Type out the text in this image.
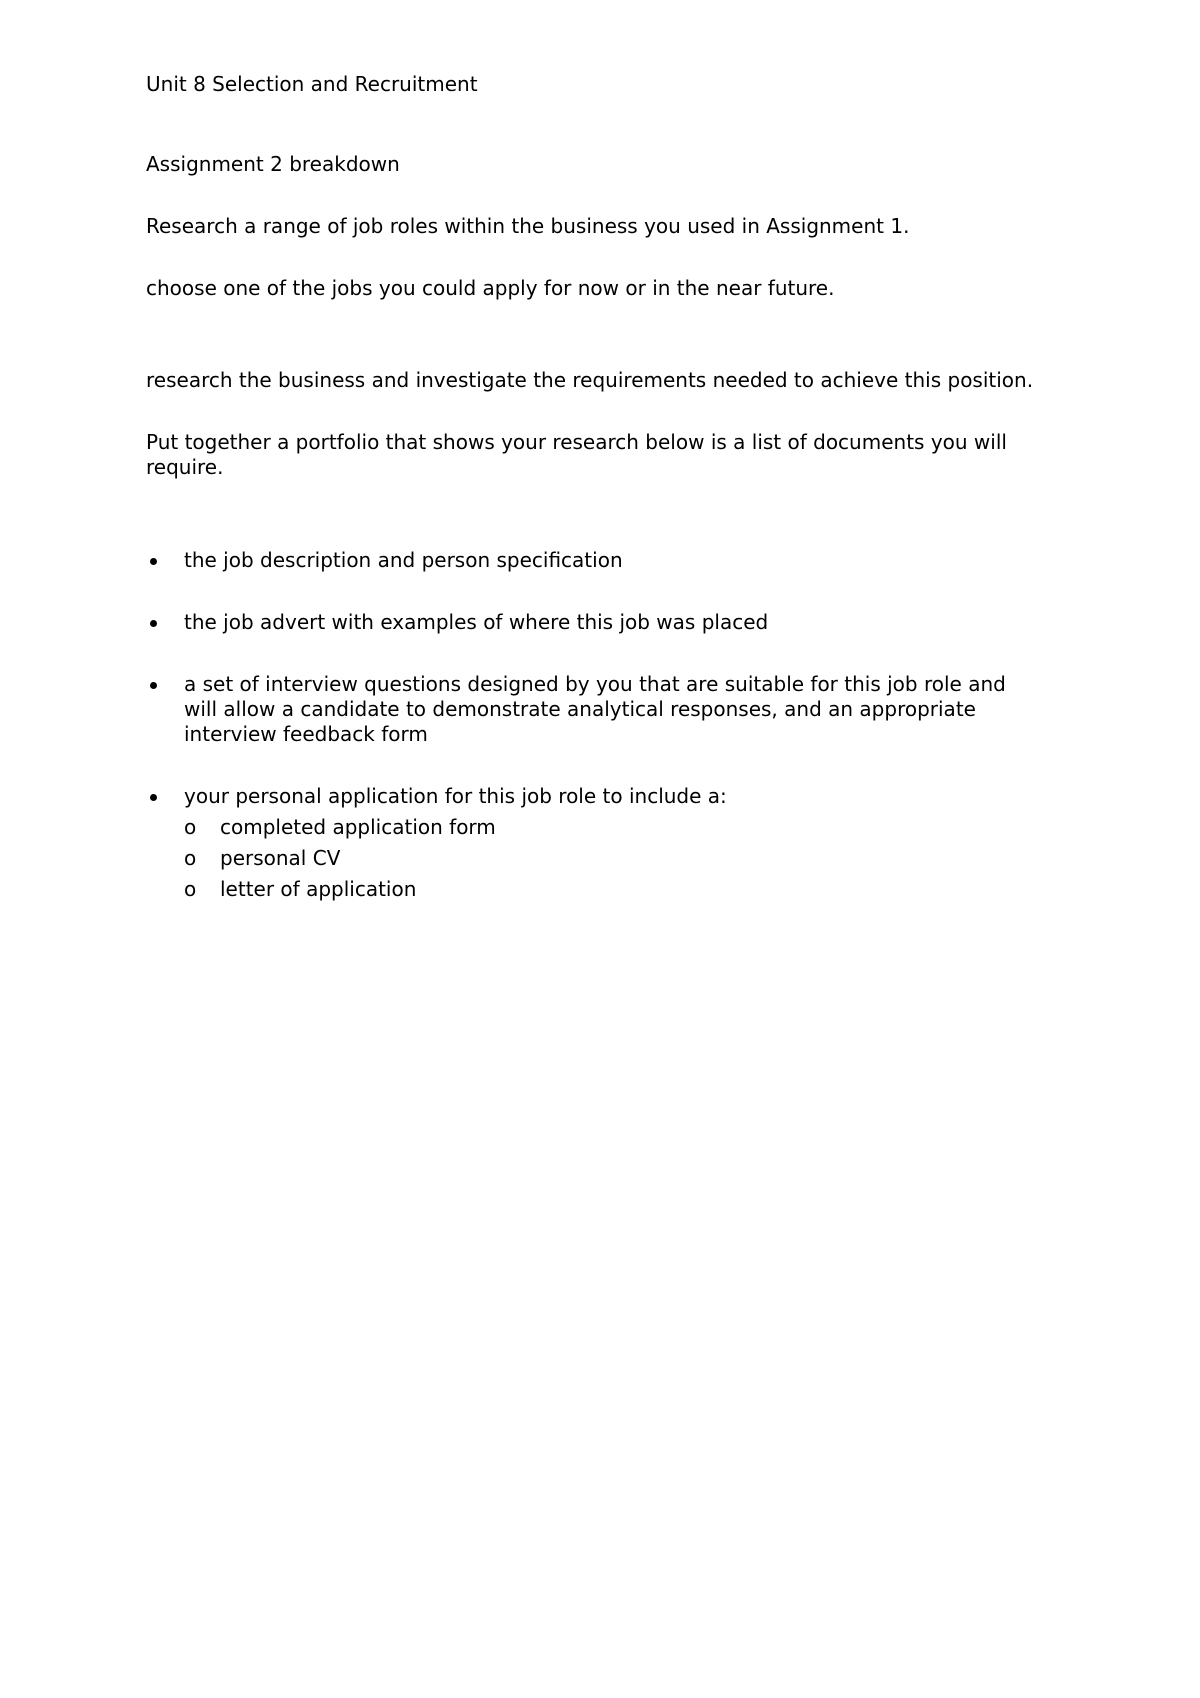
Unit 8 Selection and Recruitment

Assignment 2 breakdown

Research a range of job roles within the business you used in Assignment 1.

choose one of the jobs you could apply for now or in the near future.

research the business and investigate the requirements needed to achieve this position.

Put together a portfolio that shows your research below is a list of documents you will require.

the job description and person specification
the job advert with examples of where this job was placed
a set of interview questions designed by you that are suitable for this job role and will allow a candidate to demonstrate analytical responses, and an appropriate interview feedback form
your personal application for this job role to include a:
o completed application form
o personal CV
o letter of application
